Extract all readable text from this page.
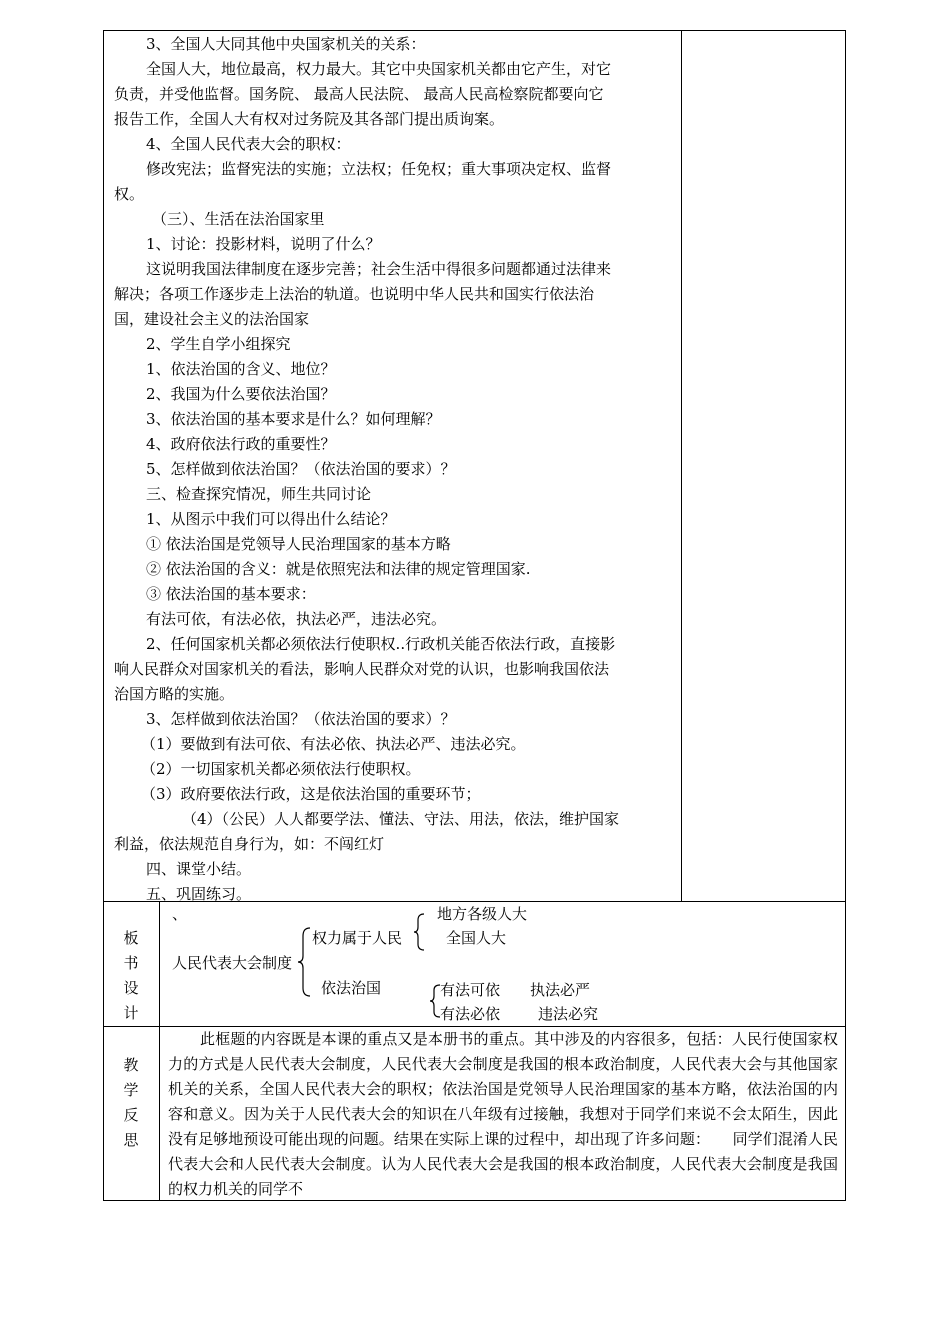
3、全国人大同其他中央国家机关的关系：
全国人大，地位最高，权力最大。其它中央国家机关都由它产生，对它
负责，并受他监督。国务院、 最高人民法院、 最高人民高检察院都要向它
报告工作，全国人大有权对过务院及其各部门提出质询案。
4、全国人民代表大会的职权：
修改宪法；监督宪法的实施；立法权；任免权；重大事项决定权、监督
权。
（三）、生活在法治国家里
1、讨论：投影材料，说明了什么？
这说明我国法律制度在逐步完善；社会生活中得很多问题都通过法律来
解决；各项工作逐步走上法治的轨道。也说明中华人民共和国实行依法治
国，建设社会主义的法治国家
2、学生自学小组探究
1、依法治国的含义、地位？
2、我国为什么要依法治国？
3、依法治国的基本要求是什么？如何理解？
4、政府依法行政的重要性？
5、怎样做到依法治国？（依法治国的要求）？
三、检查探究情况，师生共同讨论
1、从图示中我们可以得出什么结论？
① 依法治国是党领导人民治理国家的基本方略
② 依法治国的含义：就是依照宪法和法律的规定管理国家.
③ 依法治国的基本要求：
有法可依，有法必依，执法必严，违法必究。
2、任何国家机关都必须依法行使职权..行政机关能否依法行政，直接影
响人民群众对国家机关的看法，影响人民群众对党的认识，也影响我国依法
治国方略的实施。
3、怎样做到依法治国？（依法治国的要求）？
（1）要做到有法可依、有法必依、执法必严、违法必究。
（2）一切国家机关都必须依法行使职权。
（3）政府要依法行政，这是依法治国的重要环节；
（4）（公民）人人都要学法、懂法、守法、用法，依法，维护国家
利益，依法规范自身行为，如：不闯红灯
四、课堂小结。
五、巩固练习。
板
书
设
计
、
人民代表大会制度
权力属于人民
地方各级人大
全国人大
依法治国	有法可依 执法必严
有法必依	违法必究
教
学
反
思
此框题的内容既是本课的重点又是本册书的重点。其中涉及的内容很多，包括：人民行使国家权力的方式是人民代表大会制度，人民代表大会制度是我国的根本政治制度，人民代表大会与其他国家机关的关系，全国人民代表大会的职权；依法治国是党领导人民治理国家的基本方略，依法治国的内容和意义。因为关于人民代表大会的知识在八年级有过接触，我想对于同学们来说不会太陌生，因此没有足够地预设可能出现的问题。结果在实际上课的过程中，却出现了许多问题：　　同学们混淆人民代表大会和人民代表大会制度。认为人民代表大会是我国的根本政治制度，人民代表大会制度是我国的权力机关的同学不
